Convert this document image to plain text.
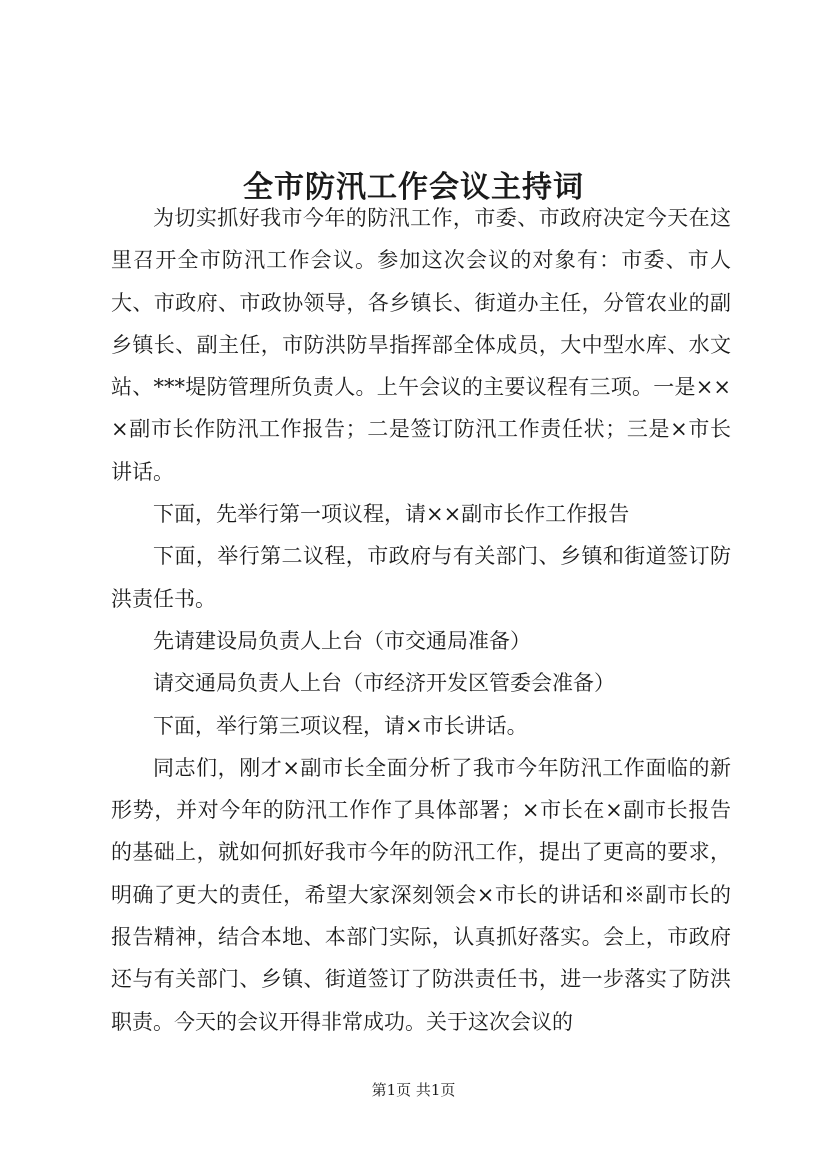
全市防汛工作会议主持词

为切实抓好我市今年的防汛工作，市委、市政府决定今天在这里召开全市防汛工作会议。参加这次会议的对象有：市委、市人大、市政府、市政协领导，各乡镇长、街道办主任，分管农业的副乡镇长、副主任，市防洪防旱指挥部全体成员，大中型水库、水文站、***堤防管理所负责人。上午会议的主要议程有三项。一是×××副市长作防汛工作报告；二是签订防汛工作责任状；三是×市长讲话。

下面，先举行第一项议程，请××副市长作工作报告

下面，举行第二议程，市政府与有关部门、乡镇和街道签订防洪责任书。

先请建设局负责人上台（市交通局准备）

请交通局负责人上台（市经济开发区管委会准备）

下面，举行第三项议程，请×市长讲话。

同志们，刚才×副市长全面分析了我市今年防汛工作面临的新形势，并对今年的防汛工作作了具体部署；×市长在×副市长报告的基础上，就如何抓好我市今年的防汛工作，提出了更高的要求，明确了更大的责任，希望大家深刻领会×市长的讲话和※副市长的报告精神，结合本地、本部门实际，认真抓好落实。会上，市政府还与有关部门、乡镇、街道签订了防洪责任书，进一步落实了防洪职责。今天的会议开得非常成功。关于这次会议的

第1页 共1页
